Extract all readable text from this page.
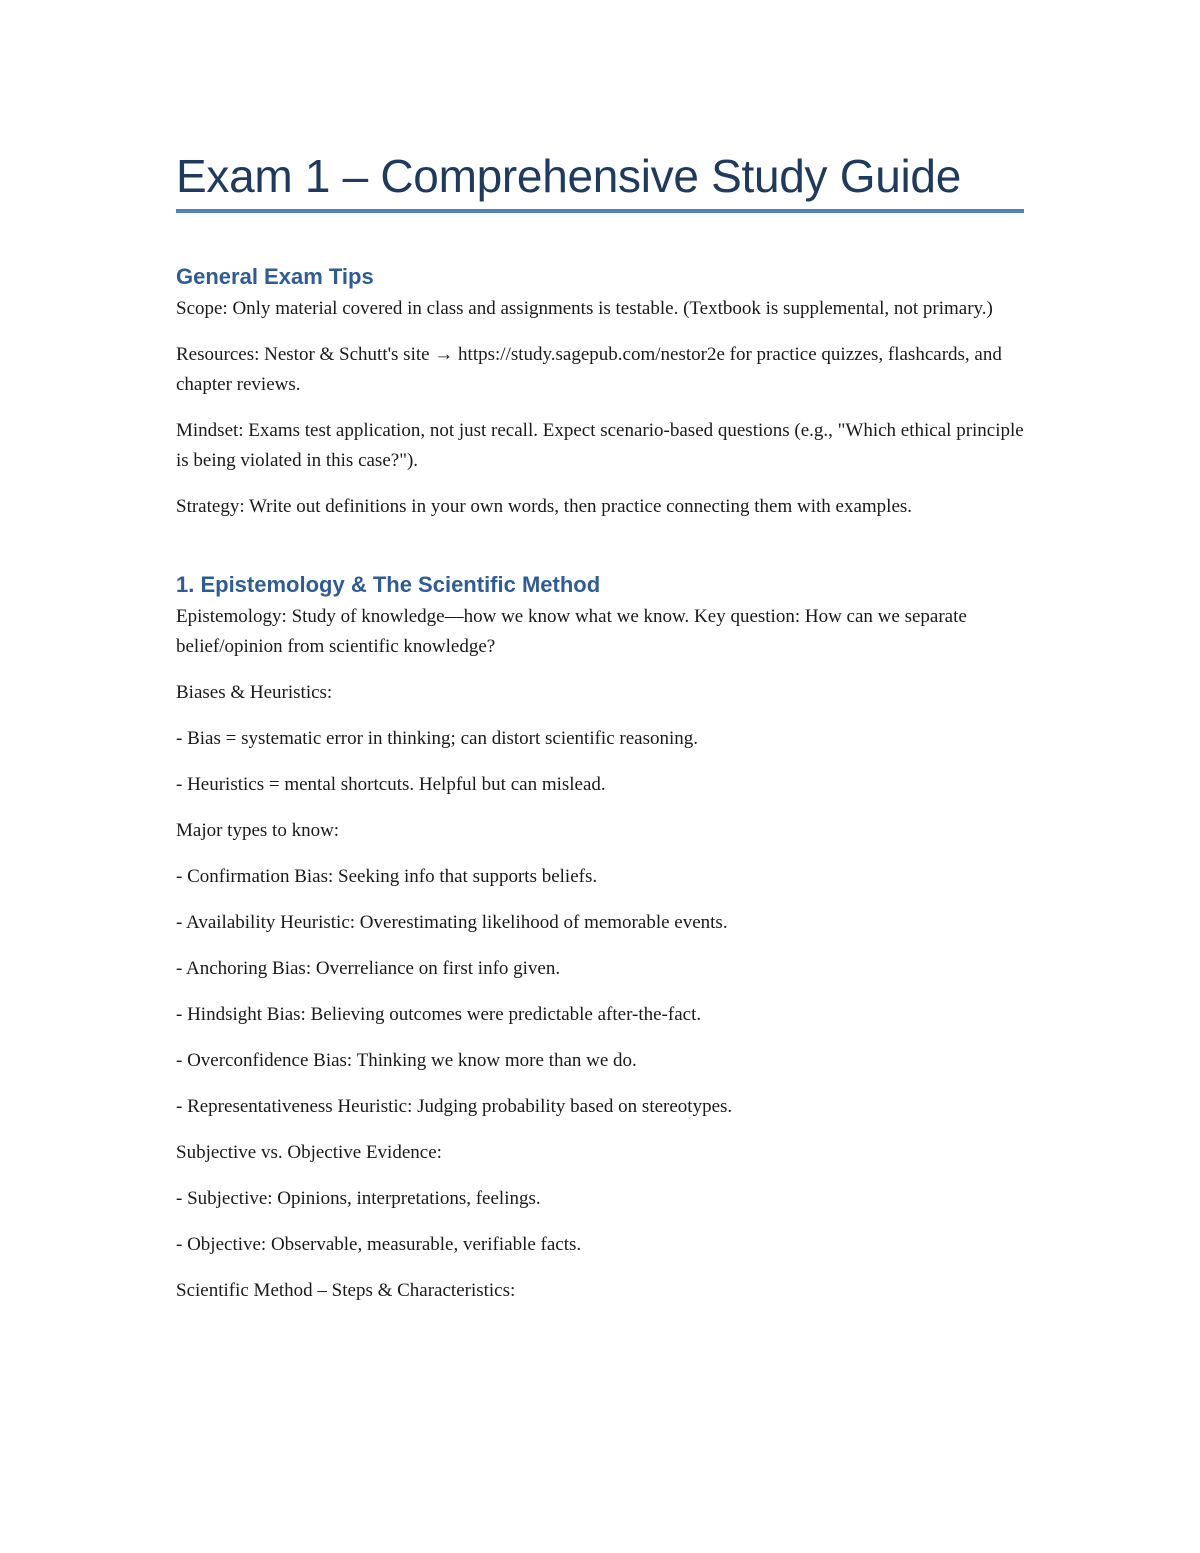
Exam 1 – Comprehensive Study Guide
General Exam Tips

Scope: Only material covered in class and assignments is testable. (Textbook is supplemental, not primary.)

Resources: Nestor & Schutt's site → https://study.sagepub.com/nestor2e for practice quizzes, flashcards, and chapter reviews.

Mindset: Exams test application, not just recall. Expect scenario-based questions (e.g., "Which ethical principle is being violated in this case?").

Strategy: Write out definitions in your own words, then practice connecting them with examples.

1. Epistemology & The Scientific Method

Epistemology: Study of knowledge—how we know what we know. Key question: How can we separate belief/opinion from scientific knowledge?

Biases & Heuristics:

- Bias = systematic error in thinking; can distort scientific reasoning.

- Heuristics = mental shortcuts. Helpful but can mislead.

Major types to know:

- Confirmation Bias: Seeking info that supports beliefs.

- Availability Heuristic: Overestimating likelihood of memorable events.

- Anchoring Bias: Overreliance on first info given.

- Hindsight Bias: Believing outcomes were predictable after-the-fact.

- Overconfidence Bias: Thinking we know more than we do.

- Representativeness Heuristic: Judging probability based on stereotypes.

Subjective vs. Objective Evidence:

- Subjective: Opinions, interpretations, feelings.

- Objective: Observable, measurable, verifiable facts.

Scientific Method – Steps & Characteristics:
